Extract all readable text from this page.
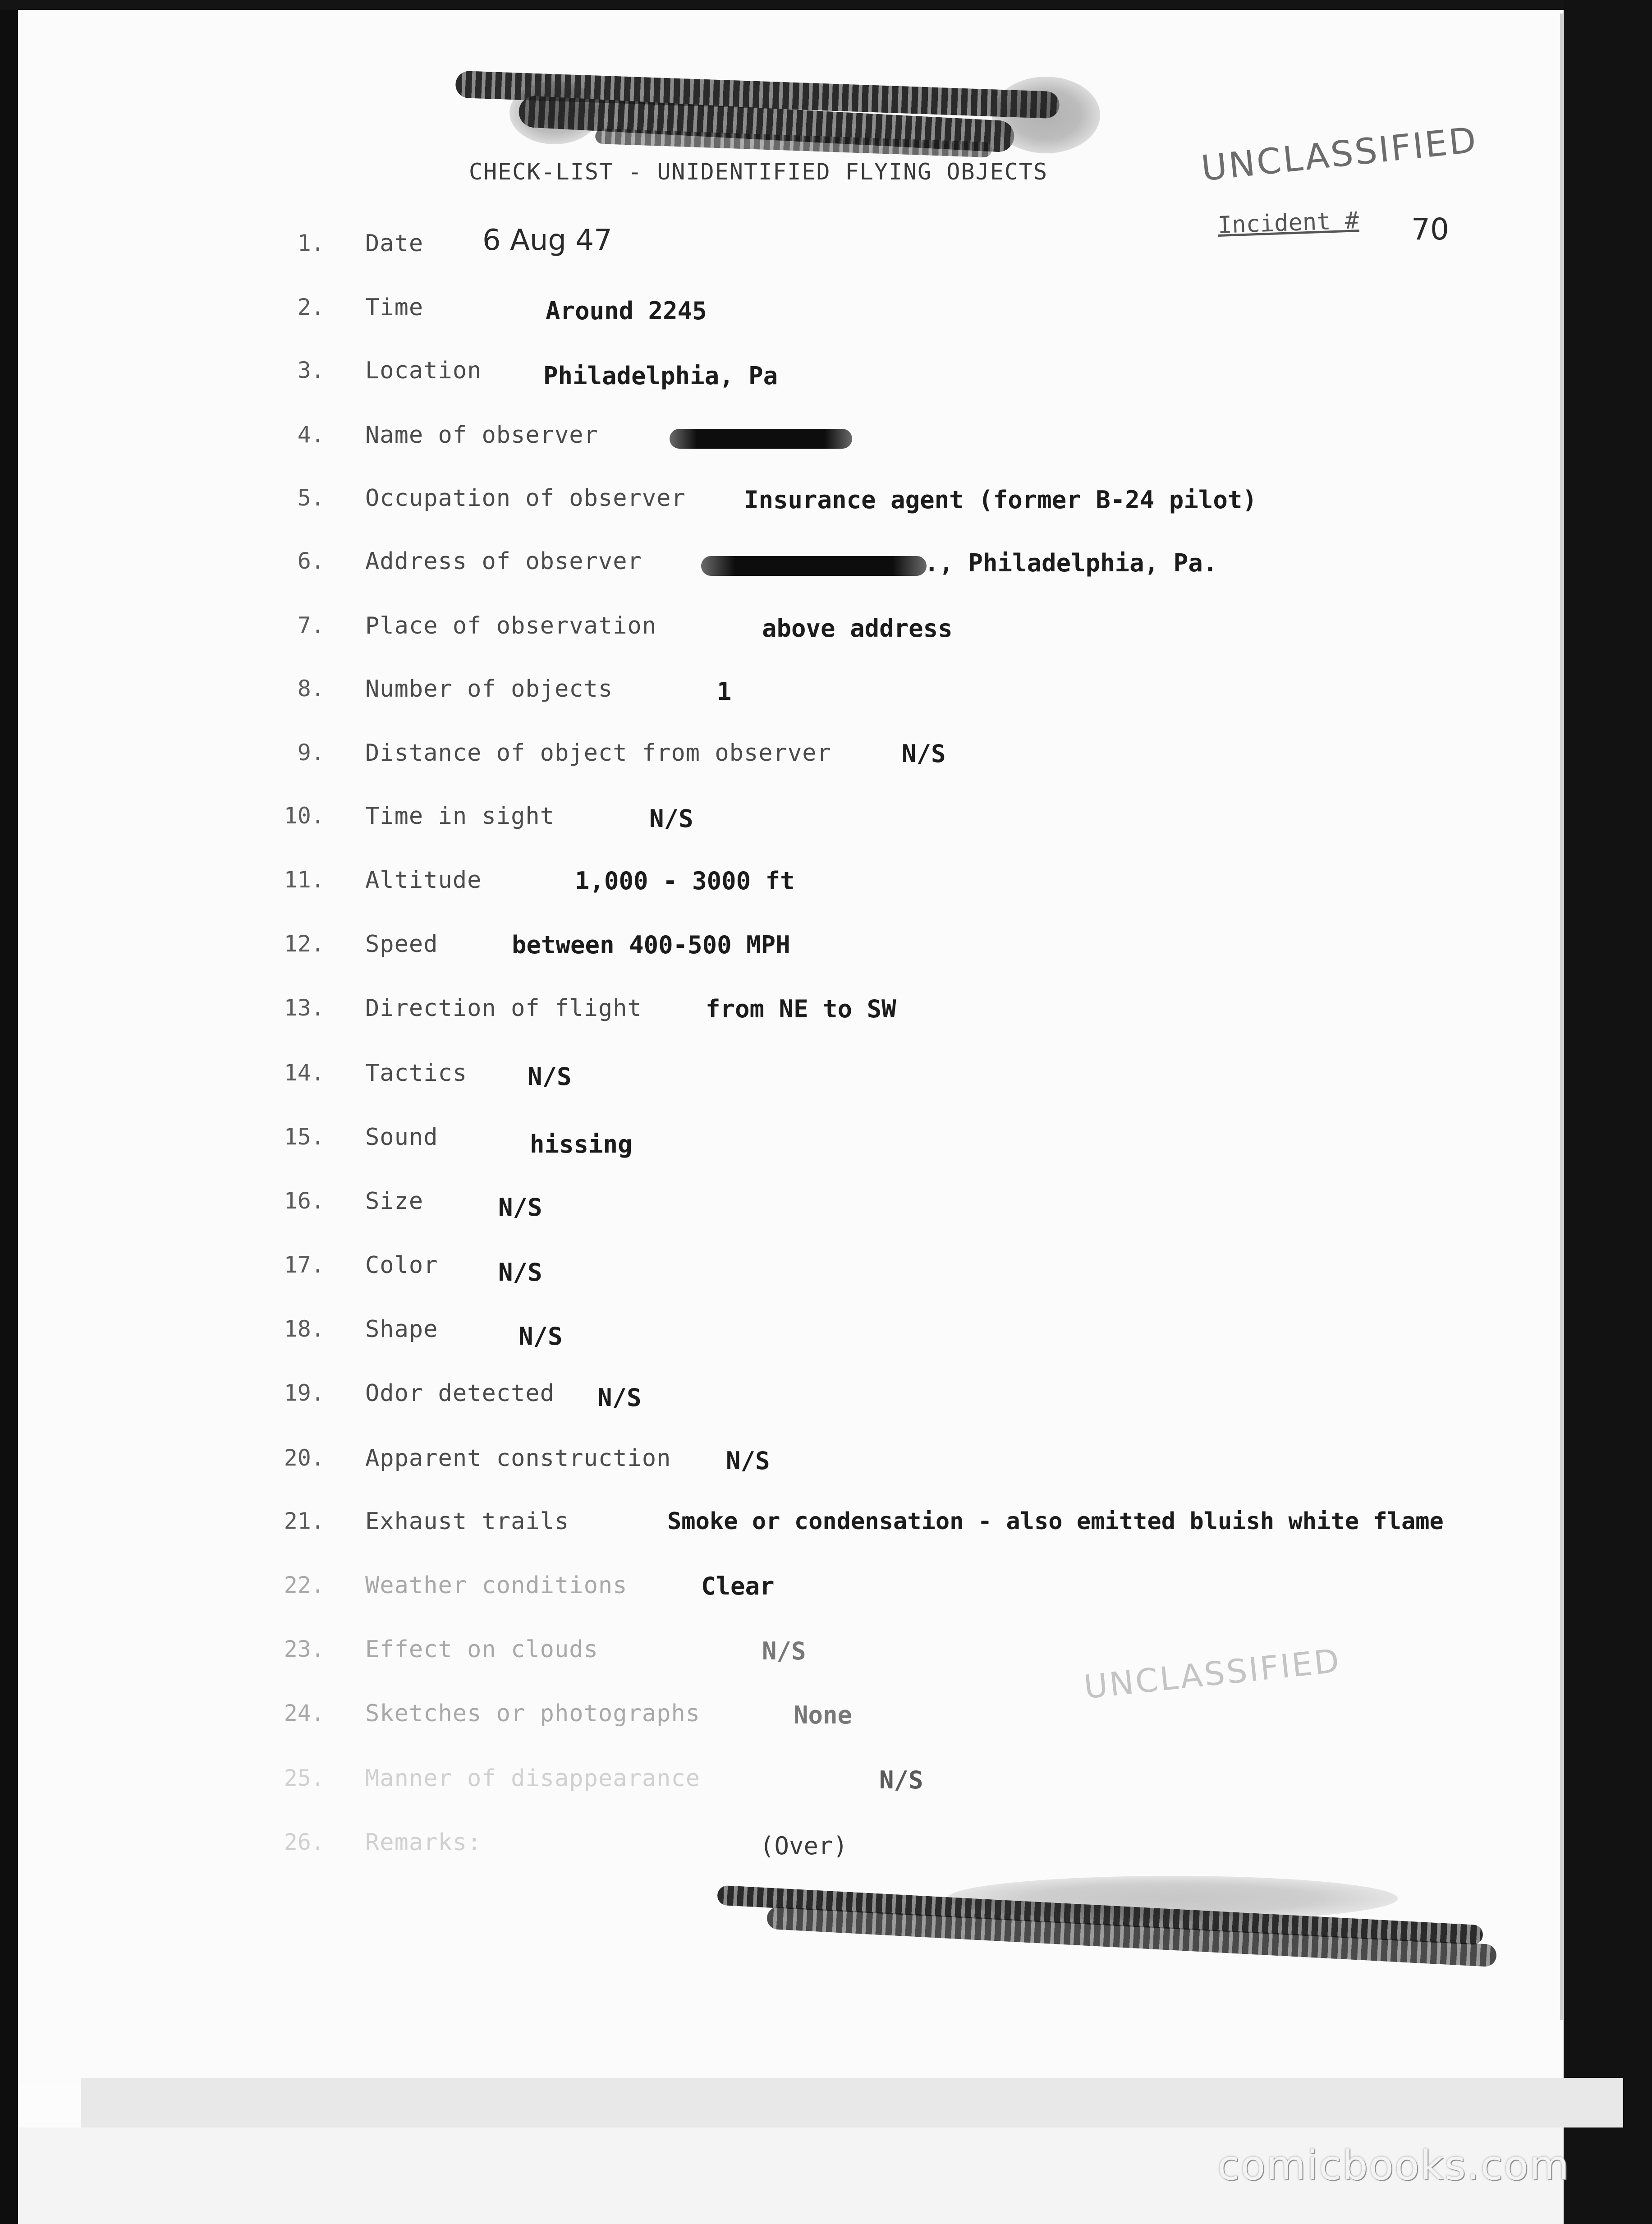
CHECK-LIST - UNIDENTIFIED FLYING OBJECTS	UNCLASSIFIED
Incident # 70
1. Date 6 Aug 47
2. Time	Around 2245
3. Location	Philadelphia, Pa
4. Name of observer
5. Occupation of observer Insurance agent (former B-24 pilot)
6. Address of observer	., Philadelphia, Pa.
7. Place of observation	above address
8. Number of objects	1
9. Distance of object from observer	N/S
10. Time in sight	N/S
11. Altitude	1,000 - 3000 ft
12. Speed	between 400-500 MPH
13. Direction of flight	from NE to SW
14. Tactics N/S
15. Sound	hissing
16. Size	N/S
17. Color N/S
18. Shape	N/S
19. Odor detected N/S
20. Apparent construction N/S
21. Exhaust trails	Smoke or condensation - also emitted bluish white flame
22. Weather conditions	Clear
23. Effect on clouds	N/S
24. Sketches or photographs	None
25. Manner of disappearance	N/S
26. Remarks:	(Over)
UNCLASSIFIED
comicbooks.com
